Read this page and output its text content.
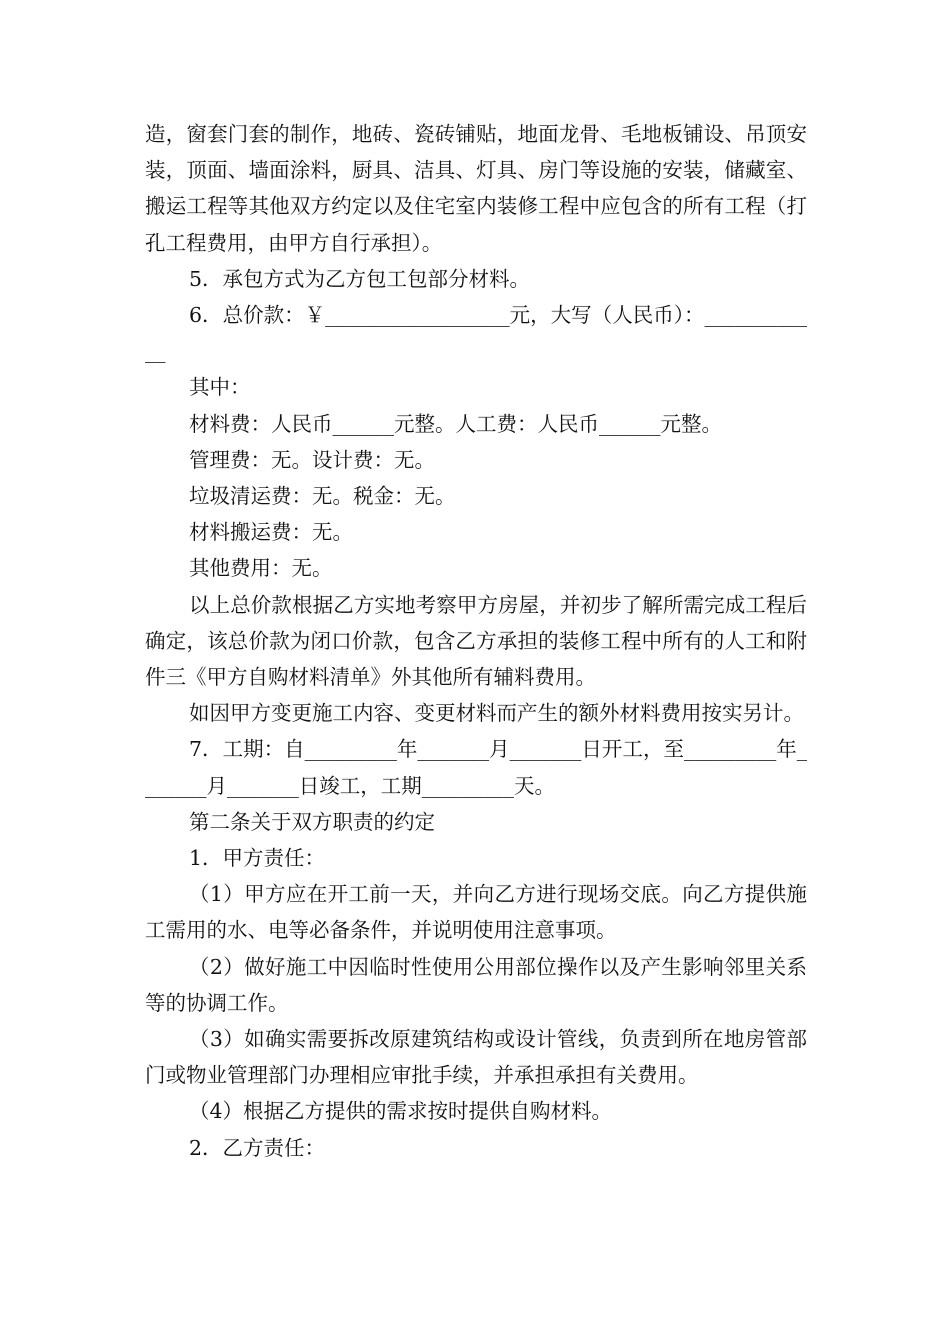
造，窗套门套的制作，地砖、瓷砖铺贴，地面龙骨、毛地板铺设、吊顶安装，顶面、墙面涂料，厨具、洁具、灯具、房门等设施的安装，储藏室、搬运工程等其他双方约定以及住宅室内装修工程中应包含的所有工程（打孔工程费用，由甲方自行承担）。

5．承包方式为乙方包工包部分材料。

6．总价款：￥__________________元，大写（人民币）：____________

其中：

材料费：人民币______元整。人工费：人民币______元整。

管理费：无。设计费：无。

垃圾清运费：无。税金：无。

材料搬运费：无。

其他费用：无。

以上总价款根据乙方实地考察甲方房屋，并初步了解所需完成工程后确定，该总价款为闭口价款，包含乙方承担的装修工程中所有的人工和附件三《甲方自购材料清单》外其他所有辅料费用。

如因甲方变更施工内容、变更材料而产生的额外材料费用按实另计。

7．工期：自_________年_______月_______日开工，至_________年_______月_______日竣工，工期_________天。

第二条关于双方职责的约定

1．甲方责任：

（1）甲方应在开工前一天，并向乙方进行现场交底。向乙方提供施工需用的水、电等必备条件，并说明使用注意事项。

（2）做好施工中因临时性使用公用部位操作以及产生影响邻里关系等的协调工作。

（3）如确实需要拆改原建筑结构或设计管线，负责到所在地房管部门或物业管理部门办理相应审批手续，并承担承担有关费用。

（4）根据乙方提供的需求按时提供自购材料。

2．乙方责任：
